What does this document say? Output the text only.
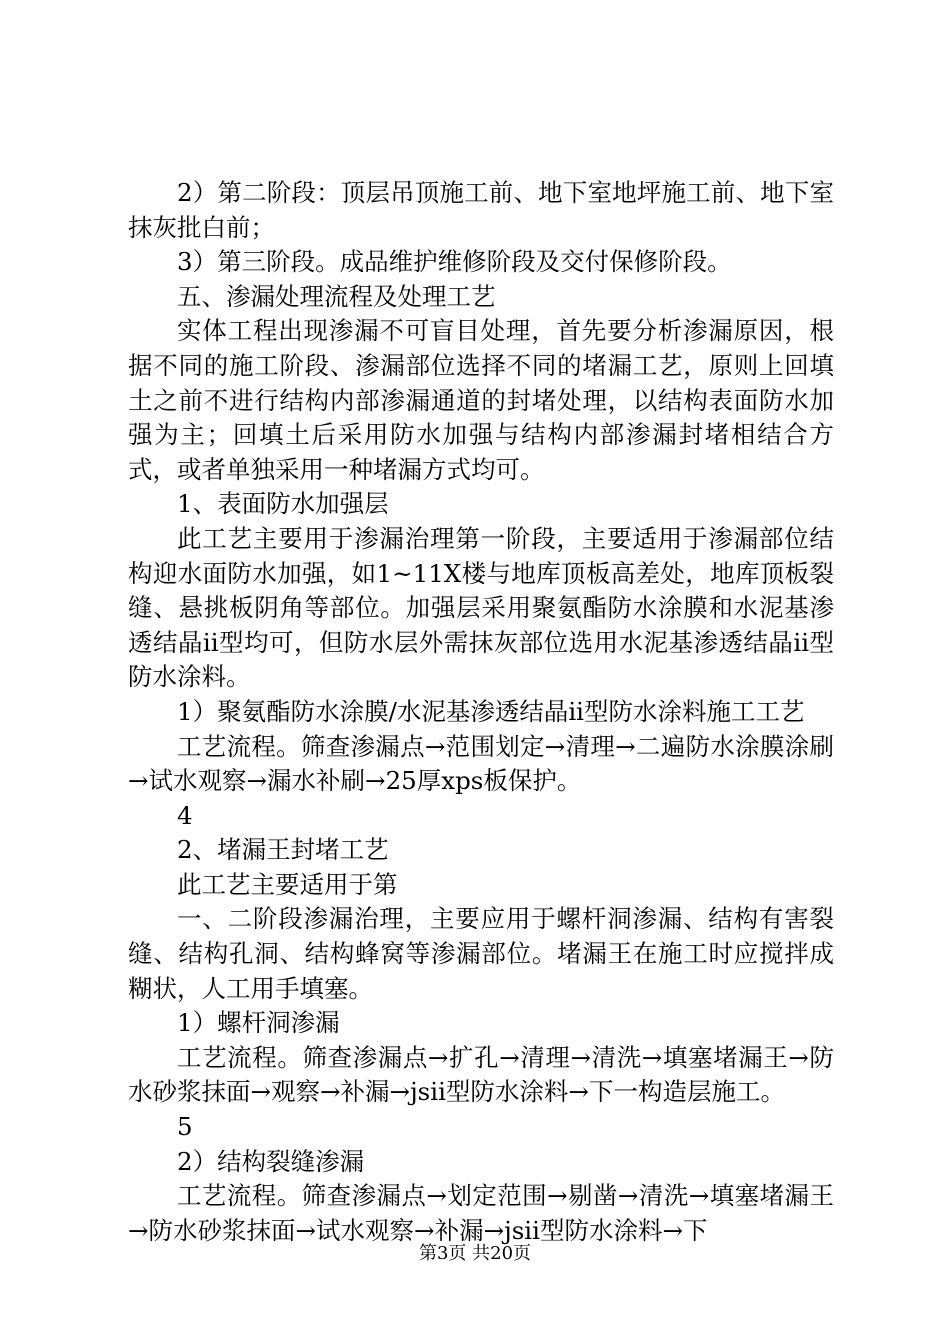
2）第二阶段：顶层吊顶施工前、地下室地坪施工前、地下室抹灰批白前；

3）第三阶段。成品维护维修阶段及交付保修阶段。

五、渗漏处理流程及处理工艺

实体工程出现渗漏不可盲目处理，首先要分析渗漏原因，根据不同的施工阶段、渗漏部位选择不同的堵漏工艺，原则上回填土之前不进行结构内部渗漏通道的封堵处理，以结构表面防水加强为主；回填土后采用防水加强与结构内部渗漏封堵相结合方式，或者单独采用一种堵漏方式均可。

1、表面防水加强层

此工艺主要用于渗漏治理第一阶段，主要适用于渗漏部位结构迎水面防水加强，如1~11X楼与地库顶板高差处，地库顶板裂缝、悬挑板阴角等部位。加强层采用聚氨酯防水涂膜和水泥基渗透结晶ii型均可，但防水层外需抹灰部位选用水泥基渗透结晶ii型防水涂料。

1）聚氨酯防水涂膜/水泥基渗透结晶ii型防水涂料施工工艺

工艺流程。筛查渗漏点→范围划定→清理→二遍防水涂膜涂刷→试水观察→漏水补刷→25厚xps板保护。

4

2、堵漏王封堵工艺

此工艺主要适用于第

一、二阶段渗漏治理，主要应用于螺杆洞渗漏、结构有害裂缝、结构孔洞、结构蜂窝等渗漏部位。堵漏王在施工时应搅拌成糊状，人工用手填塞。

1）螺杆洞渗漏

工艺流程。筛查渗漏点→扩孔→清理→清洗→填塞堵漏王→防水砂浆抹面→观察→补漏→jsii型防水涂料→下一构造层施工。

5

2）结构裂缝渗漏

工艺流程。筛查渗漏点→划定范围→剔凿→清洗→填塞堵漏王→防水砂浆抹面→试水观察→补漏→jsii型防水涂料→下

第3页 共20页
